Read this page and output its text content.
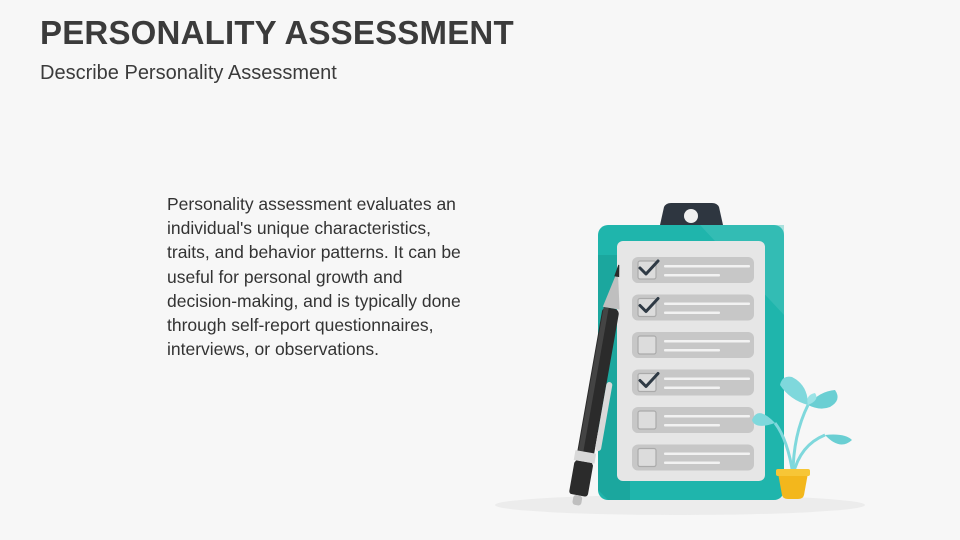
PERSONALITY ASSESSMENT
Describe Personality Assessment
Personality assessment evaluates an individual's unique characteristics, traits, and behavior patterns. It can be useful for personal growth and decision-making, and is typically done through self-report questionnaires, interviews, or observations.
